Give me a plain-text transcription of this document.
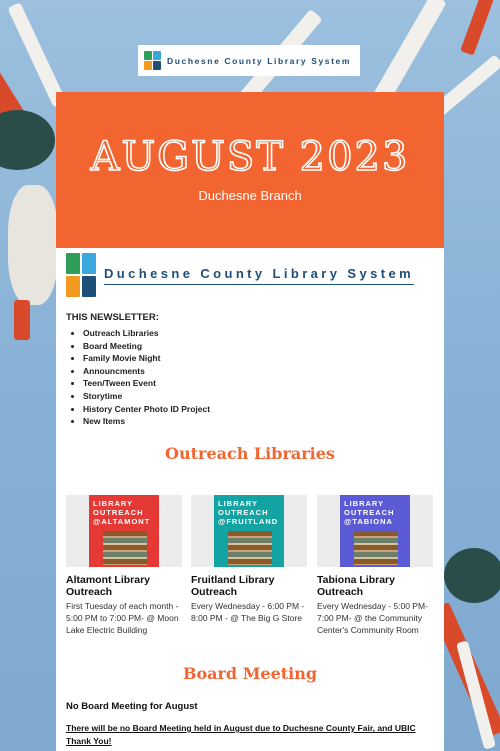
Duchesne County Library System
AUGUST 2023
Duchesne Branch
Duchesne County Library System
THIS NEWSLETTER:
• Outreach Libraries
• Board Meeting
• Family Movie Night
• Announcments
• Teen/Tween Event
• Storytime
• History Center Photo ID Project
• New Items
Outreach Libraries
LIBRARY OUTREACH @ALTAMONT
Altamont Library Outreach
First Tuesday of each month - 5:00 PM to 7:00 PM- @ Moon Lake Electric Building
LIBRARY OUTREACH @FRUITLAND
Fruitland Library Outreach
Every Wednesday - 6:00 PM - 8:00 PM - @ The Big G Store
LIBRARY OUTREACH @TABIONA
Tabiona Library Outreach
Every Wednesday - 5:00 PM-7:00 PM- @ the Community Center's Community Room
Board Meeting
No Board Meeting for August
There will be no Board Meeting held in August due to Duchesne County Fair, and UBIC
Thank You!
